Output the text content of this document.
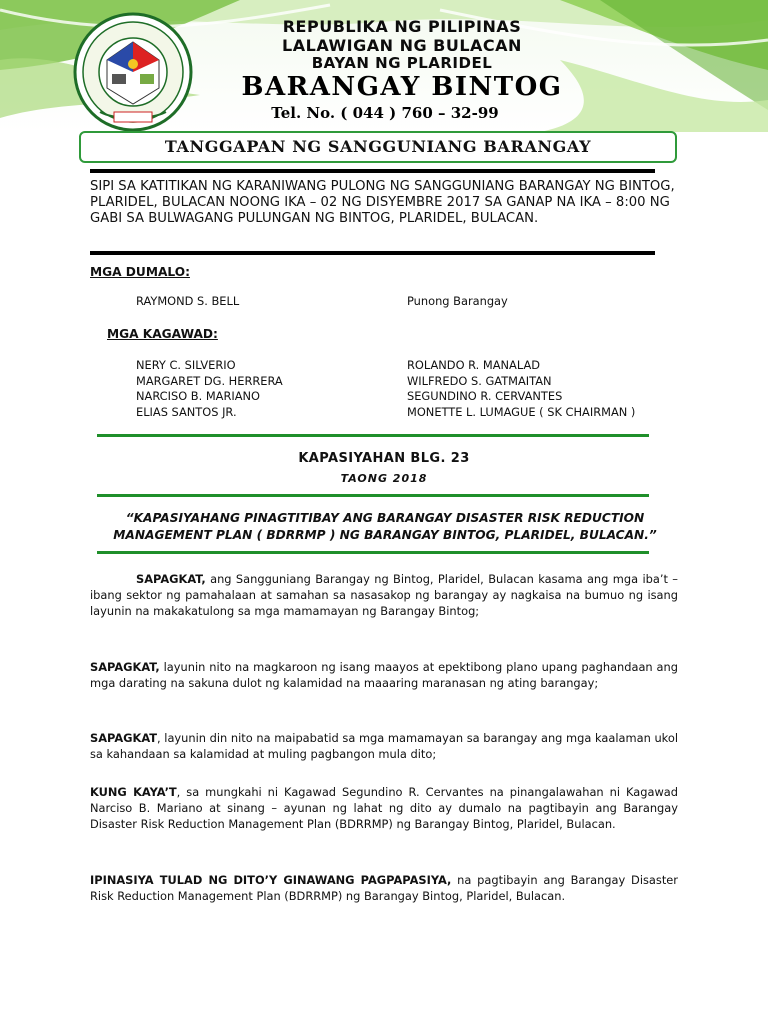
REPUBLIKA NG PILIPINAS
LALAWIGAN NG BULACAN
BAYAN NG PLARIDEL
BARANGAY BINTOG
Tel. No. ( 044 ) 760 – 32-99
TANGGAPAN NG SANGGUNIANG BARANGAY
SIPI SA KATITIKAN NG KARANIWANG PULONG NG SANGGUNIANG BARANGAY NG BINTOG, PLARIDEL, BULACAN NOONG IKA – 02 NG DISYEMBRE 2017 SA GANAP NA IKA – 8:00 NG GABI SA BULWAGANG PULUNGAN NG BINTOG, PLARIDEL, BULACAN.
MGA DUMALO:
RAYMOND S. BELL	Punong Barangay
MGA KAGAWAD:
NERY C. SILVERIO
MARGARET DG. HERRERA
NARCISO B. MARIANO
ELIAS SANTOS JR.
ROLANDO R. MANALAD
WILFREDO S. GATMAITAN
SEGUNDINO R. CERVANTES
MONETTE L. LUMAGUE ( SK CHAIRMAN )
KAPASIYAHAN BLG. 23
TAONG 2018
“KAPASIYAHANG PINAGTITIBAY ANG BARANGAY DISASTER RISK REDUCTION MANAGEMENT PLAN ( BDRRMP ) NG BARANGAY BINTOG, PLARIDEL, BULACAN.”
SAPAGKAT, ang Sangguniang Barangay ng Bintog, Plaridel, Bulacan kasama ang mga iba’t – ibang sektor ng pamahalaan at samahan sa nasasakop ng barangay ay nagkaisa na bumuo ng isang layunin na makakatulong sa mga mamamayan ng Barangay Bintog;
SAPAGKAT, layunin nito na magkaroon ng isang maayos at epektibong plano upang paghandaan ang mga darating na sakuna dulot ng kalamidad na maaaring maranasan ng ating barangay;
SAPAGKAT, layunin din nito na maipabatid sa mga mamamayan sa barangay ang mga kaalaman ukol sa kahandaan sa kalamidad at muling pagbangon mula dito;
KUNG KAYA’T, sa mungkahi ni Kagawad Segundino R. Cervantes na pinangalawahan ni Kagawad Narciso B. Mariano at sinang – ayunan ng lahat ng dito ay dumalo na pagtibayin ang Barangay Disaster Risk Reduction Management Plan (BDRRMP) ng Barangay Bintog, Plaridel, Bulacan.
IPINASIYA TULAD NG DITO’Y GINAWANG PAGPAPASIYA, na pagtibayin ang Barangay Disaster Risk Reduction Management Plan (BDRRMP) ng Barangay Bintog, Plaridel, Bulacan.
